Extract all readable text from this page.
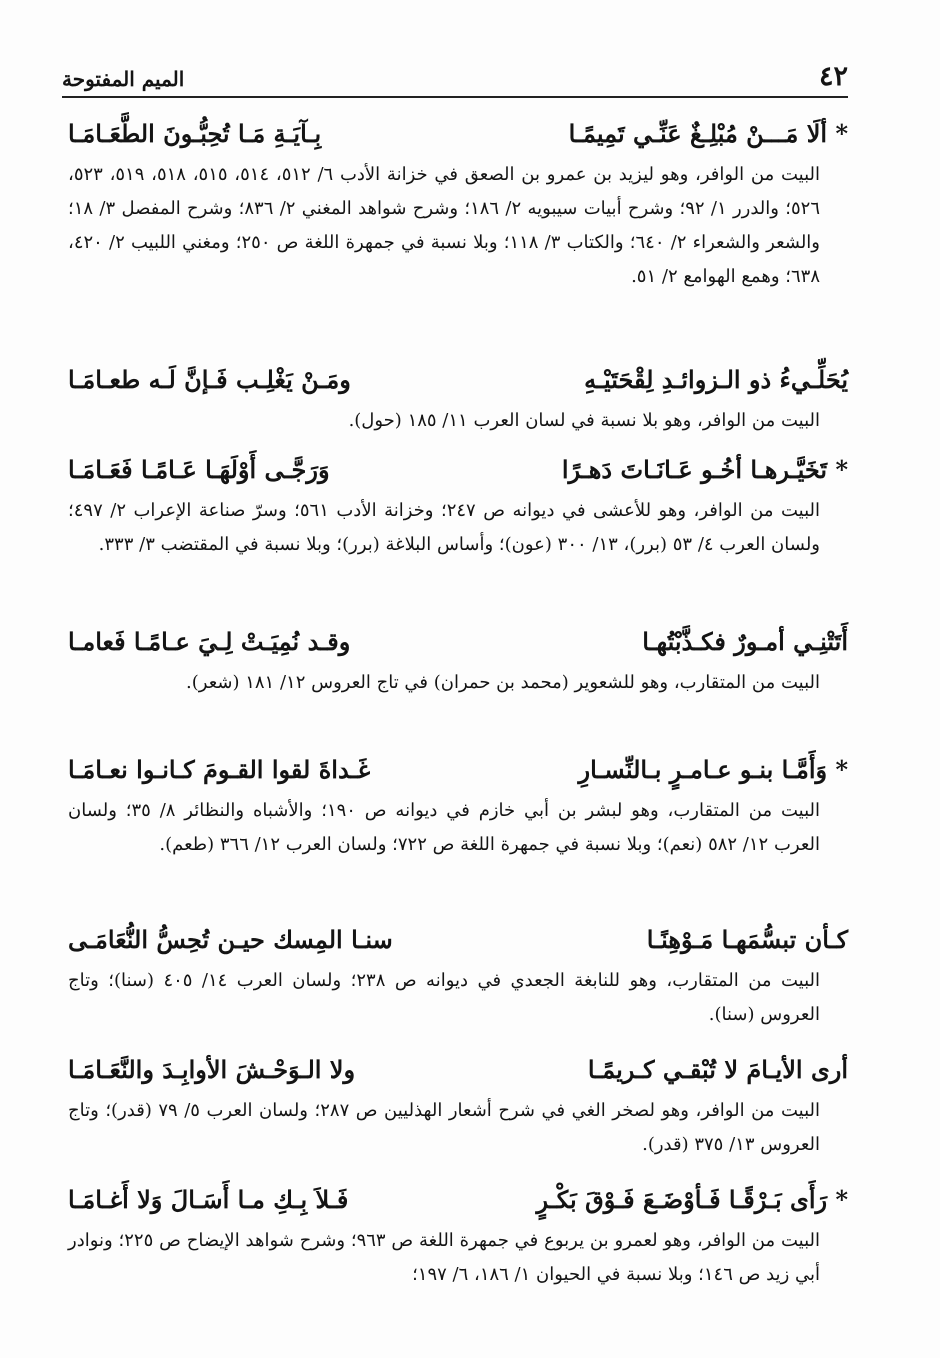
٤٢
الميم المفتوحة
* ألَا مَـــنْ مُبْلِـغٌ عَنِّـي تَمِيمًـا
بِـآيَـةِ مَـا تُحِبُّـونَ الطَّعَـامَـا
البيت من الوافر، وهو ليزيد بن عمرو بن الصعق في خزانة الأدب ٦/ ٥١٢، ٥١٤، ٥١٥، ٥١٨، ٥١٩، ٥٢٣، ٥٢٦؛ والدرر ١/ ٩٢؛ وشرح أبيات سيبويه ٢/ ١٨٦؛ وشرح شواهد المغني ٢/ ٨٣٦؛ وشرح المفصل ٣/ ١٨؛ والشعر والشعراء ٢/ ٦٤٠؛ والكتاب ٣/ ١١٨؛ وبلا نسبة في جمهرة اللغة ص ٢٥٠؛ ومغني اللبيب ٢/ ٤٢٠، ٦٣٨؛ وهمع الهوامع ٢/ ٥١.
يُحَلِّـيءُ ذو الـزوائـدِ لِقْحَتَيْـهِ
ومَـنْ يَغْلِـب فَـإنَّ لَـه طعـامَـا
البيت من الوافر، وهو بلا نسبة في لسان العرب ١١/ ١٨٥ (حول).
* تَخَيَّـرهـا أخُـو عَـانَـاتَ دَهـرًا
وَرَجَّـى أَوْلَهَـا عَـامًـا فَعَـامَـا
البيت من الوافر، وهو للأعشى في ديوانه ص ٢٤٧؛ وخزانة الأدب ٥٦١؛ وسرّ صناعة الإعراب ٢/ ٤٩٧؛ ولسان العرب ٤/ ٥٣ (برر)، ١٣/ ٣٠٠ (عون)؛ وأساس البلاغة (برر)؛ وبلا نسبة في المقتضب ٣/ ٣٣٣.
أَتَتْنِـي أمـورٌ فكـذَّبْتُهـا
وقـد نُمِيَـتْ لِـيَ عـامًـا فَعامـا
البيت من المتقارب، وهو للشعوير (محمد بن حمران) في تاج العروس ١٢/ ١٨١ (شعر).
* وَأَمَّـا بنـو عـامـرٍ بـالنِّسـارِ
غَـداةَ لقوا القـومَ كـانـوا نعـامَـا
البيت من المتقارب، وهو لبشر بن أبي خازم في ديوانه ص ١٩٠؛ والأشباه والنظائر ٨/ ٣٥؛ ولسان العرب ١٢/ ٥٨٢ (نعم)؛ وبلا نسبة في جمهرة اللغة ص ٧٢٢؛ ولسان العرب ١٢/ ٣٦٦ (طعم).
كـأن تبسُّمَهـا مَـوْهِنًـا
سنـا المِسك حيـن تُحِسُّ النُّعَامَـى
البيت من المتقارب، وهو للنابغة الجعدي في ديوانه ص ٢٣٨؛ ولسان العرب ١٤/ ٤٠٥ (سنا)؛ وتاج العروس (سنا).
أرى الأيـامَ لا تُبْقـي كـريمًـا
ولا الـوَحْـشَ الأوابِـدَ والنَّعَـامَـا
البيت من الوافر، وهو لصخر الغي في شرح أشعار الهذليين ص ٢٨٧؛ ولسان العرب ٥/ ٧٩ (قدر)؛ وتاج العروس ١٣/ ٣٧٥ (قدر).
* رَأَى بَـرْقًـا فَـأوْضَـعَ فَـوْقَ بَكْـرٍ
فَـلاَ بِـكِ مـا أَسَـالَ وَلا أَغـامَـا
البيت من الوافر، وهو لعمرو بن يربوع في جمهرة اللغة ص ٩٦٣؛ وشرح شواهد الإيضاح ص ٢٢٥؛ ونوادر أبي زيد ص ١٤٦؛ وبلا نسبة في الحيوان ١/ ١٨٦، ٦/ ١٩٧؛
